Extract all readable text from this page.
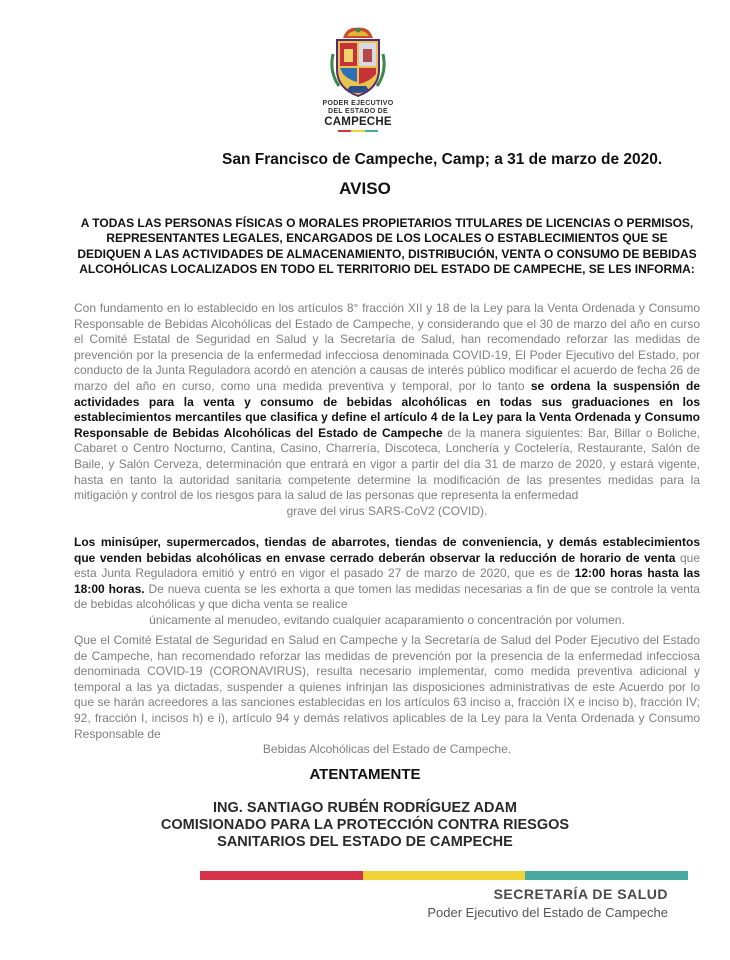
PODER EJECUTIVO
DEL ESTADO DE
CAMPECHE
San Francisco de Campeche, Camp; a 31 de marzo de 2020.
AVISO
A TODAS LAS PERSONAS FÍSICAS O MORALES PROPIETARIOS TITULARES DE LICENCIAS O PERMISOS, REPRESENTANTES LEGALES, ENCARGADOS DE LOS LOCALES O ESTABLECIMIENTOS QUE SE DEDIQUEN A LAS ACTIVIDADES DE ALMACENAMIENTO, DISTRIBUCIÓN, VENTA O CONSUMO DE BEBIDAS ALCOHÓLICAS LOCALIZADOS EN TODO EL TERRITORIO DEL ESTADO DE CAMPECHE, SE LES INFORMA:
Con fundamento en lo establecido en los artículos 8° fracción XII y 18 de la Ley para la Venta Ordenada y Consumo Responsable de Bebidas Alcohólicas del Estado de Campeche, y considerando que el 30 de marzo del año en curso el Comité Estatal de Seguridad en Salud y la Secretaría de Salud, han recomendado reforzar las medidas de prevención por la presencia de la enfermedad infecciosa denominada COVID-19, El Poder Ejecutivo del Estado, por conducto de la Junta Reguladora acordó en atención a causas de interés público modificar el acuerdo de fecha 26 de marzo del año en curso, como una medida preventiva y temporal, por lo tanto se ordena la suspensión de actividades para la venta y consumo de bebidas alcohólicas en todas sus graduaciones en los establecimientos mercantiles que clasifica y define el artículo 4 de la Ley para la Venta Ordenada y Consumo Responsable de Bebidas Alcohólicas del Estado de Campeche de la manera siguientes: Bar, Billar o Boliche, Cabaret o Centro Nocturno, Cantina, Casino, Charrería, Discoteca, Lonchería y Coctelería, Restaurante, Salón de Baile, y Salón Cerveza, determinación que entrará en vigor a partir del día 31 de marzo de 2020, y estará vigente, hasta en tanto la autoridad sanitaria competente determine la modificación de las presentes medidas para la mitigación y control de los riesgos para la salud de las personas que representa la enfermedad
grave del virus SARS-CoV2 (COVID).
Los minisúper, supermercados, tiendas de abarrotes, tiendas de conveniencia, y demás establecimientos que venden bebidas alcohólicas en envase cerrado deberán observar la reducción de horario de venta que esta Junta Reguladora emitió y entró en vigor el pasado 27 de marzo de 2020, que es de 12:00 horas hasta las 18:00 horas. De nueva cuenta se les exhorta a que tomen las medidas necesarias a fin de que se controle la venta de bebidas alcohólicas y que dicha venta se realice
únicamente al menudeo, evitando cualquier acaparamiento o concentración por volumen.
Que el Comité Estatal de Seguridad en Salud en Campeche y la Secretaría de Salud del Poder Ejecutivo del Estado de Campeche, han recomendado reforzar las medidas de prevención por la presencia de la enfermedad infecciosa denominada COVID-19 (CORONAVIRUS), resulta necesario implementar, como medida preventiva adicional y temporal a las ya dictadas, suspender a quienes infrinjan las disposiciones administrativas de este Acuerdo por lo que se harán acreedores a las sanciones establecidas en los artículos 63 inciso a, fracción IX e inciso b), fracción IV; 92, fracción I, incisos h) e i), artículo 94 y demás relativos aplicables de la Ley para la Venta Ordenada y Consumo Responsable de
Bebidas Alcohólicas del Estado de Campeche.
ATENTAMENTE
ING. SANTIAGO RUBÉN RODRÍGUEZ ADAM
COMISIONADO PARA LA PROTECCIÓN CONTRA RIESGOS
SANITARIOS DEL ESTADO DE CAMPECHE
SECRETARÍA DE SALUD
Poder Ejecutivo del Estado de Campeche
